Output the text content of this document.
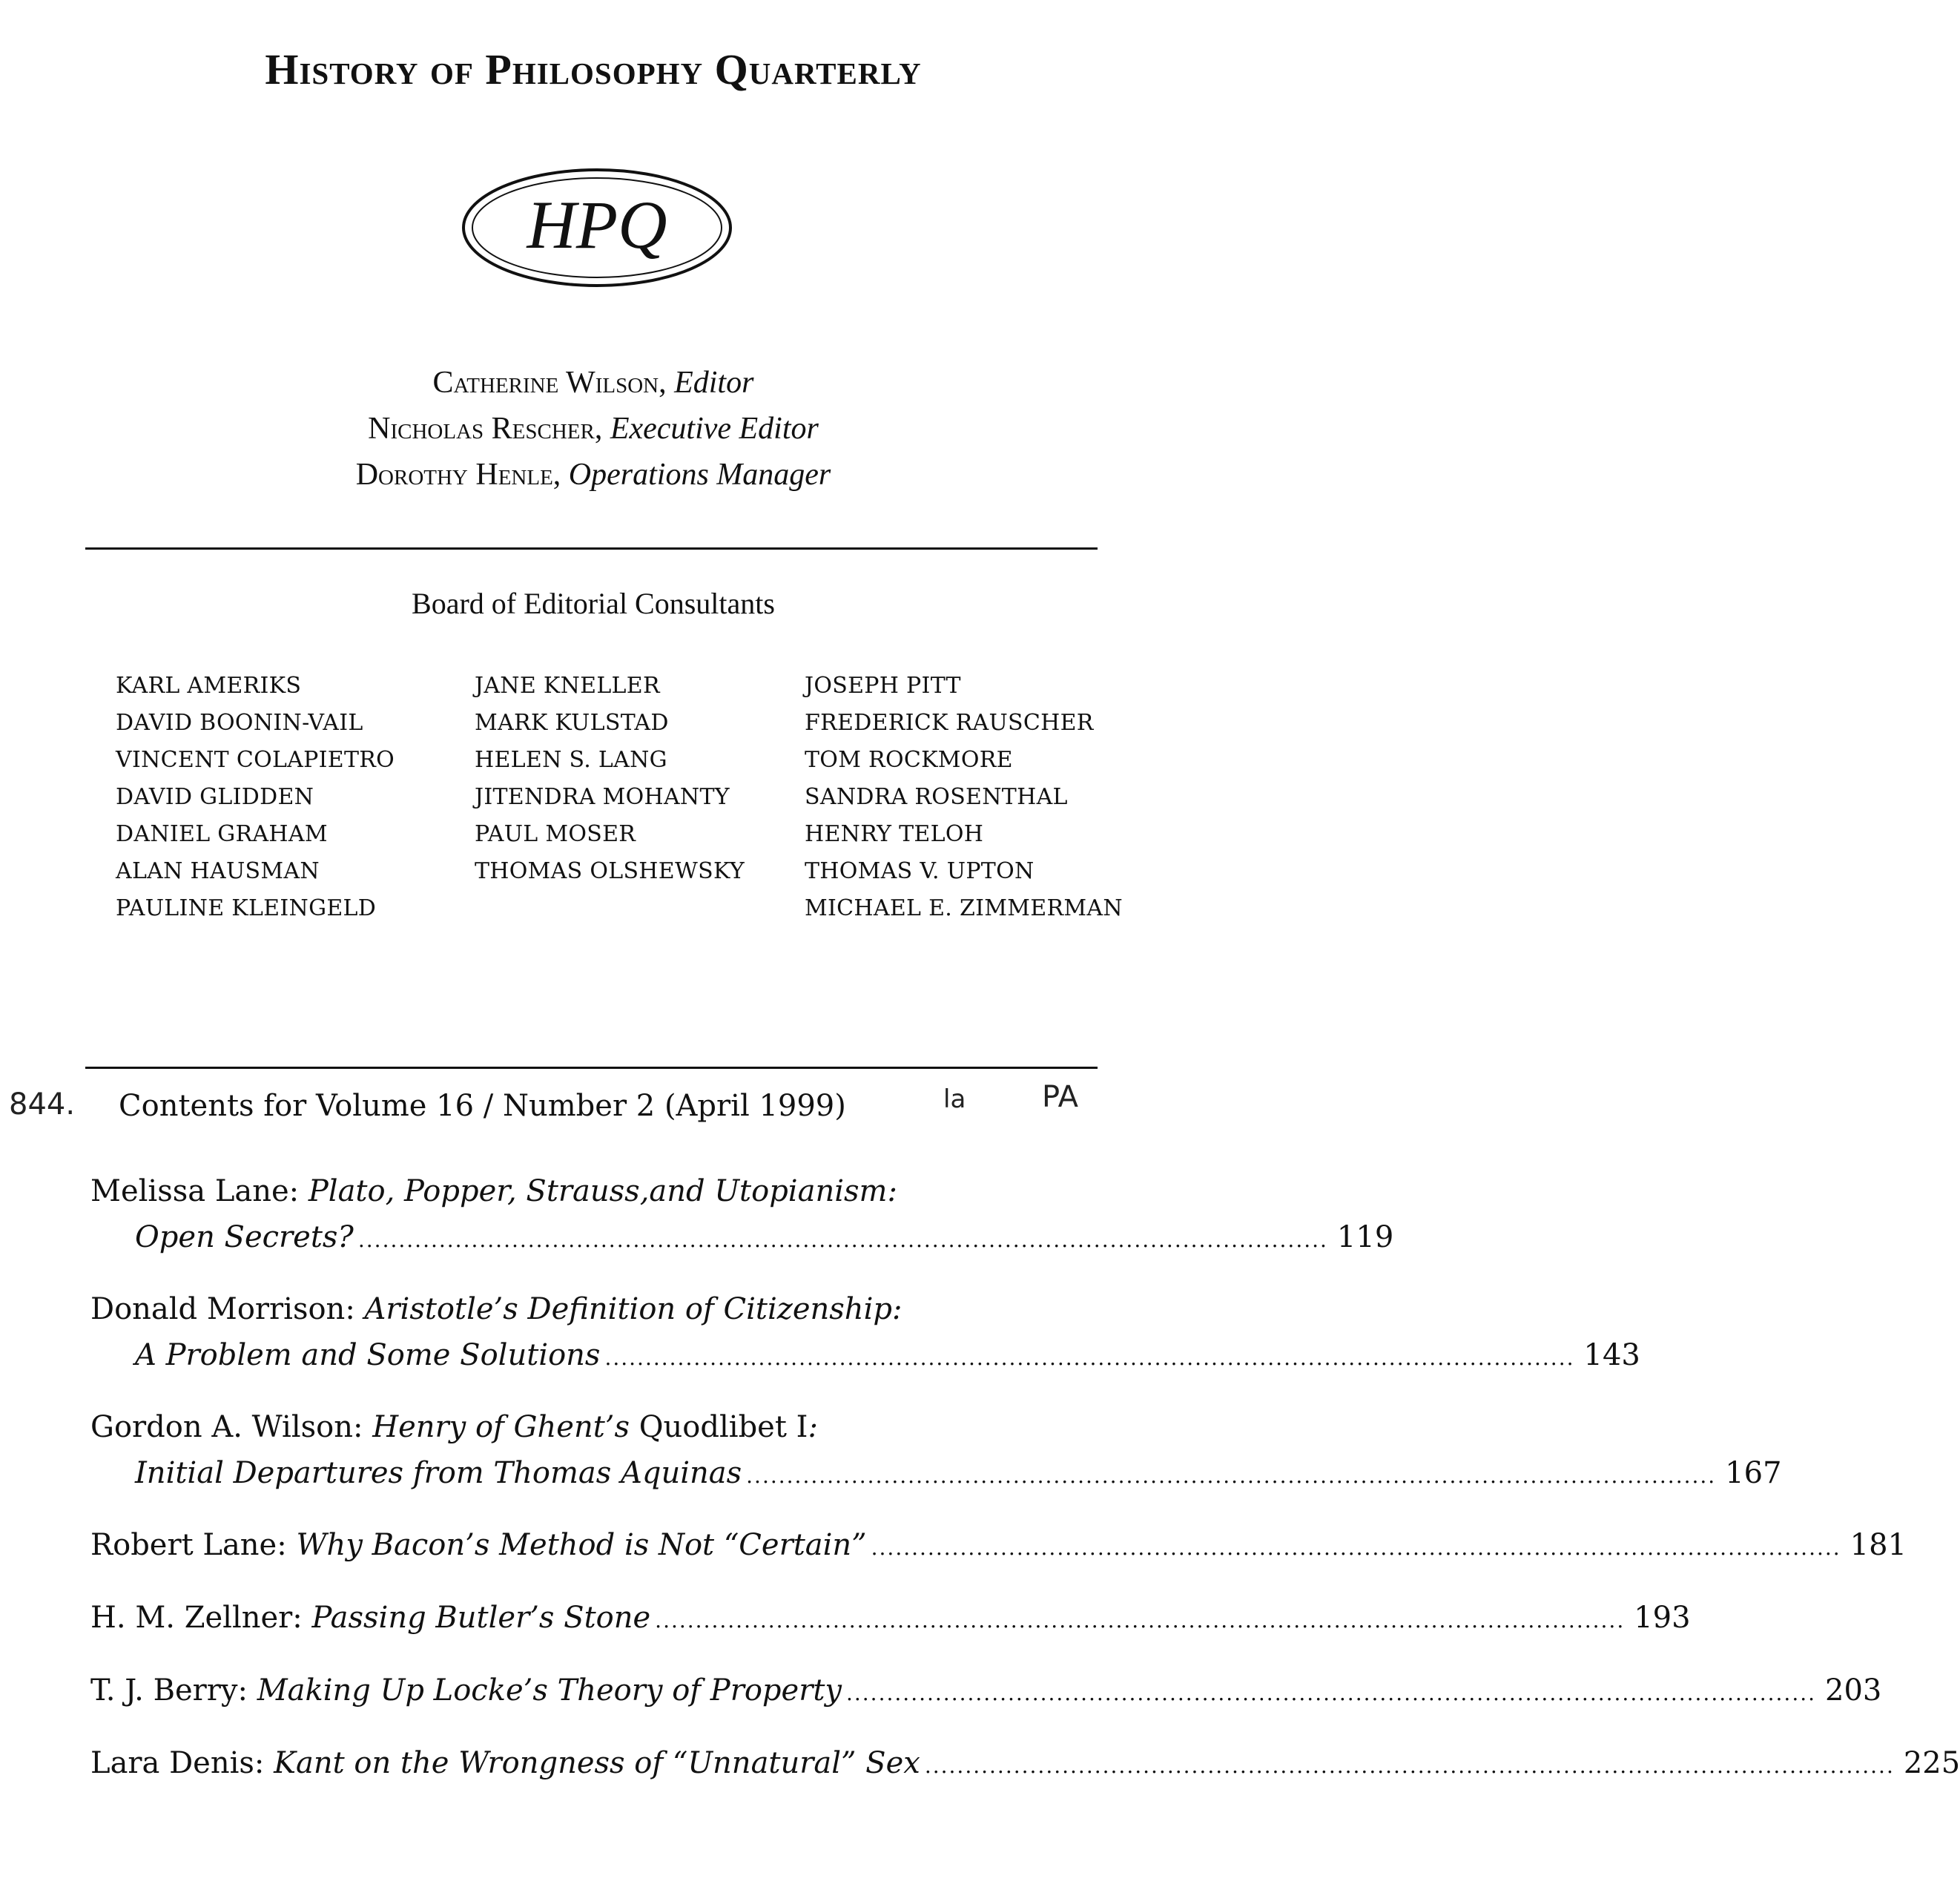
History of Philosophy Quarterly
HPQ
Catherine Wilson, Editor
Nicholas Rescher, Executive Editor
Dorothy Henle, Operations Manager
Board of Editorial Consultants
KARL AMERIKS
DAVID BOONIN-VAIL
VINCENT COLAPIETRO
DAVID GLIDDEN
DANIEL GRAHAM
ALAN HAUSMAN
PAULINE KLEINGELD
JANE KNELLER
MARK KULSTAD
HELEN S. LANG
JITENDRA MOHANTY
PAUL MOSER
THOMAS OLSHEWSKY
JOSEPH PITT
FREDERICK RAUSCHER
TOM ROCKMORE
SANDRA ROSENTHAL
HENRY TELOH
THOMAS V. UPTON
MICHAEL E. ZIMMERMAN
844. Contents for Volume 16 / Number 2 (April 1999)	la	PA
Melissa Lane: Plato, Popper, Strauss,and Utopianism:
Open Secrets? ........................................................................................................................ 119
Donald Morrison: Aristotle’s Definition of Citizenship:
A Problem and Some Solutions ........................................................................................................................ 143
Gordon A. Wilson: Henry of Ghent’s Quodlibet I:
Initial Departures from Thomas Aquinas ........................................................................................................................ 167
Robert Lane:
Why Bacon’s Method is Not “Certain” ........................................................................................................................ 181
H. M. Zellner:
Passing Butler’s Stone ........................................................................................................................ 193
T. J. Berry:
Making Up Locke’s Theory of Property ........................................................................................................................ 203
Lara Denis:
Kant on the Wrongness of “Unnatural” Sex ........................................................................................................................ 225
